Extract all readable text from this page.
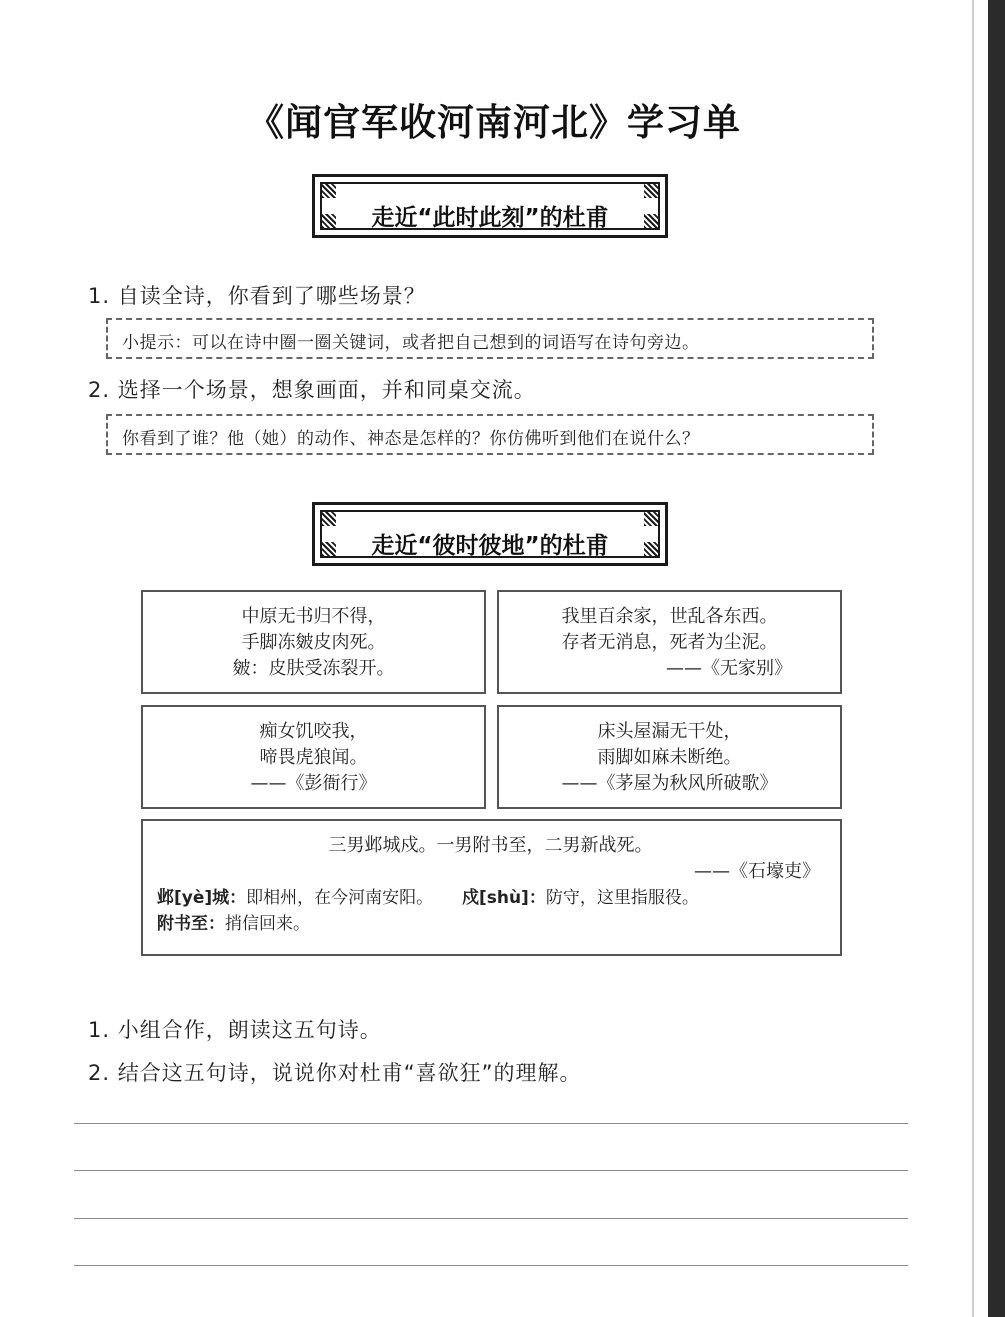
《闻官军收河南河北》学习单
走近“此时此刻”的杜甫
1. 自读全诗，你看到了哪些场景？
小提示：可以在诗中圈一圈关键词，或者把自己想到的词语写在诗句旁边。
2. 选择一个场景，想象画面，并和同桌交流。
你看到了谁？他（她）的动作、神态是怎样的？你仿佛听到他们在说什么？
走近“彼时彼地”的杜甫
中原无书归不得，
手脚冻皴皮肉死。
皴：皮肤受冻裂开。
我里百余家，世乱各东西。
存者无消息，死者为尘泥。
——《无家别》
痴女饥咬我，
啼畏虎狼闻。
——《彭衙行》
床头屋漏无干处，
雨脚如麻未断绝。
——《茅屋为秋风所破歌》
三男邺城戍。一男附书至，二男新战死。
——《石壕吏》
邺[yè]城：即相州，在今河南安阳。 戍[shù]：防守，这里指服役。
附书至：捎信回来。
1. 小组合作，朗读这五句诗。
2. 结合这五句诗，说说你对杜甫“喜欲狂”的理解。
